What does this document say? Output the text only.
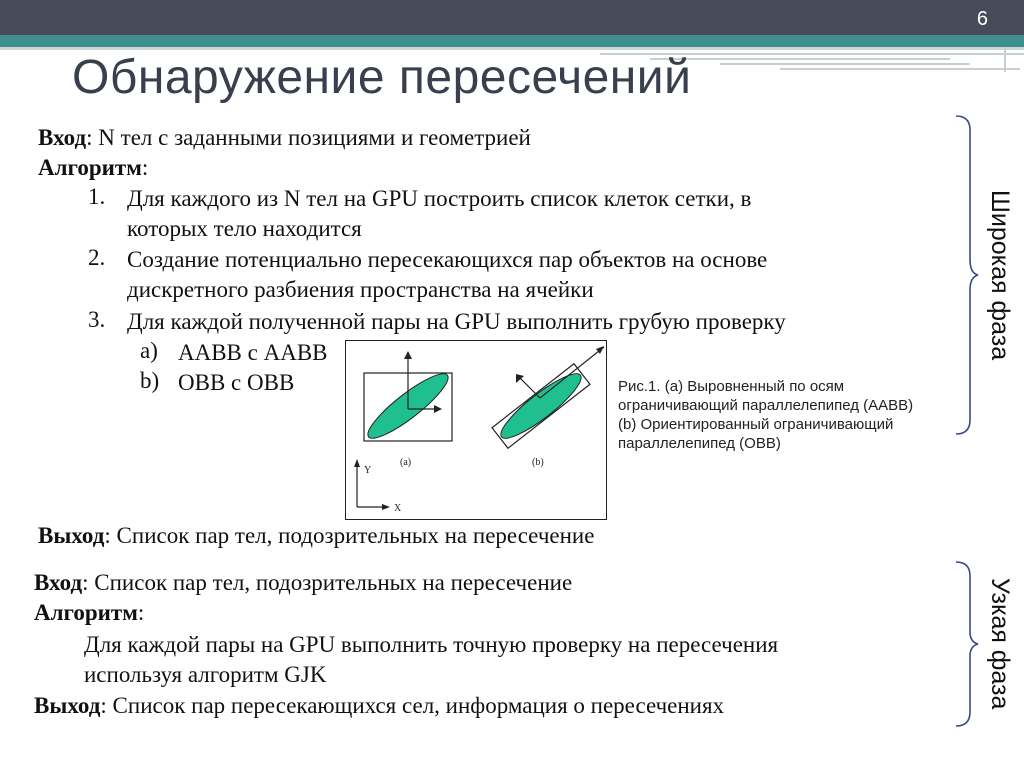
6
Обнаружение пересечений
Вход: N тел с заданными позициями и геометрией
Алгоритм:
1. Для каждого из N тел на GPU построить список клеток сетки, в
которых тело находится
2. Создание потенциально пересекающихся пар объектов на основе
дискретного разбиения пространства на ячейки
3. Для каждой полученной пары на GPU выполнить грубую проверку
a) AABB с AABB
b) OBB с OBB
(a)	(b)
Y
X
Рис.1. (a) Выровненный по осям
ограничивающий параллелепипед (AABB)
(b) Ориентированный ограничивающий
параллелепипед (OBB)
Выход: Список пар тел, подозрительных на пересечение
Широкая фаза
Вход: Список пар тел, подозрительных на пересечение
Алгоритм:
Для каждой пары на GPU выполнить точную проверку на пересечения
используя алгоритм GJK
Выход: Список пар пересекающихся сел, информация о пересечениях	Узкая фаза
